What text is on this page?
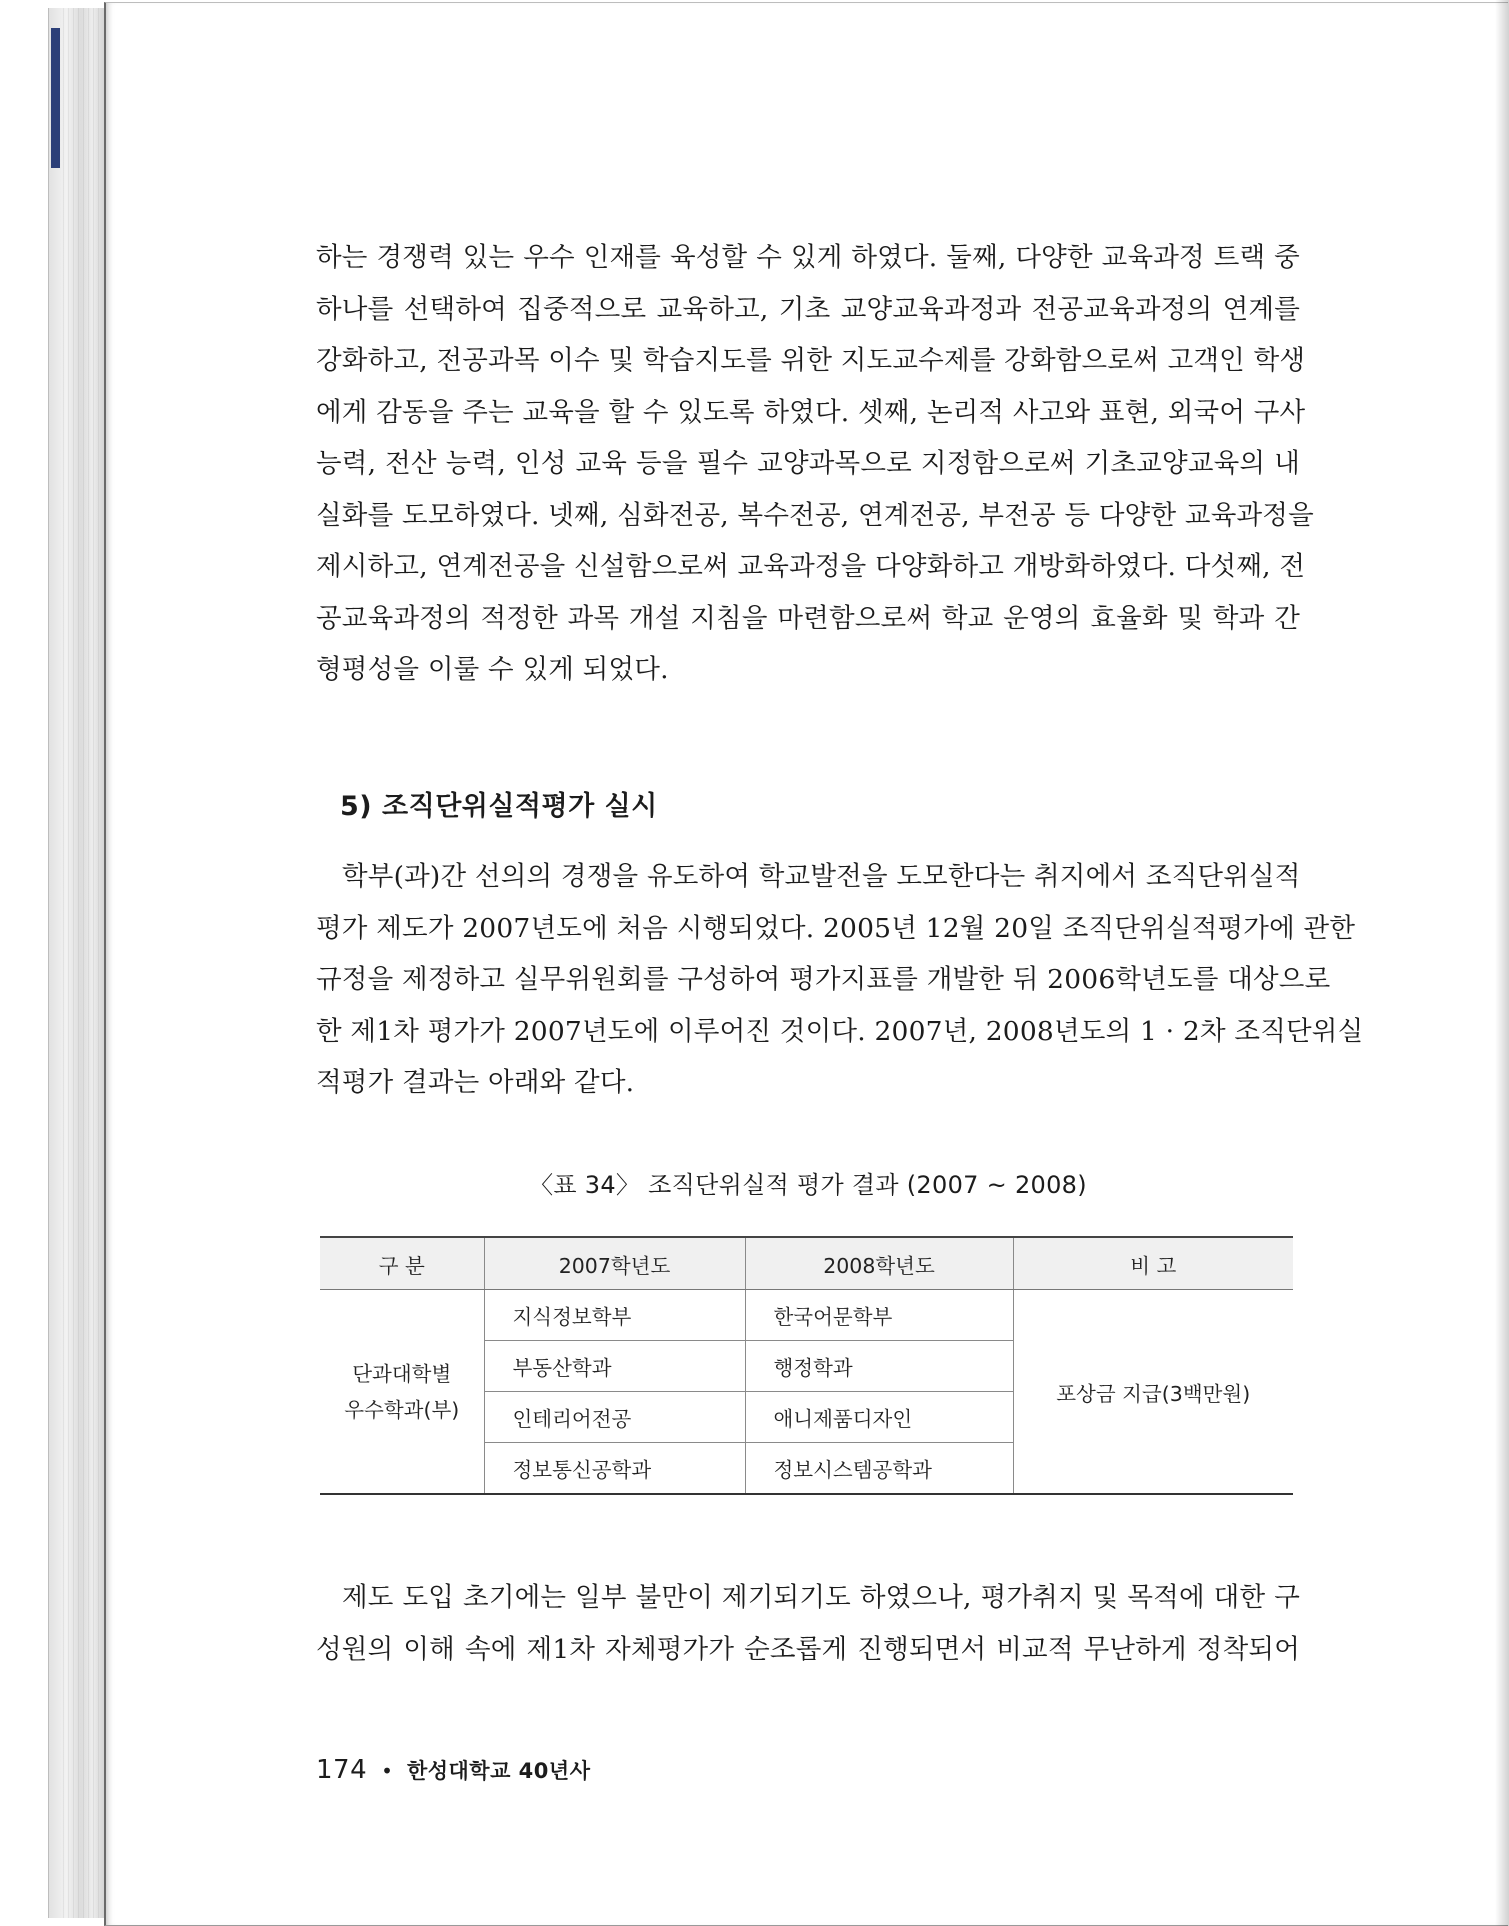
하는 경쟁력 있는 우수 인재를 육성할 수 있게 하였다. 둘째, 다양한 교육과정 트랙 중
하나를 선택하여 집중적으로 교육하고, 기초 교양교육과정과 전공교육과정의 연계를
강화하고, 전공과목 이수 및 학습지도를 위한 지도교수제를 강화함으로써 고객인 학생
에게 감동을 주는 교육을 할 수 있도록 하였다. 셋째, 논리적 사고와 표현, 외국어 구사
능력, 전산 능력, 인성 교육 등을 필수 교양과목으로 지정함으로써 기초교양교육의 내
실화를 도모하였다. 넷째, 심화전공, 복수전공, 연계전공, 부전공 등 다양한 교육과정을
제시하고, 연계전공을 신설함으로써 교육과정을 다양화하고 개방화하였다. 다섯째, 전
공교육과정의 적정한 과목 개설 지침을 마련함으로써 학교 운영의 효율화 및 학과 간
형평성을 이룰 수 있게 되었다.
5) 조직단위실적평가 실시
학부(과)간 선의의 경쟁을 유도하여 학교발전을 도모한다는 취지에서 조직단위실적
평가 제도가 2007년도에 처음 시행되었다. 2005년 12월 20일 조직단위실적평가에 관한
규정을 제정하고 실무위원회를 구성하여 평가지표를 개발한 뒤 2006학년도를 대상으로
한 제1차 평가가 2007년도에 이루어진 것이다. 2007년, 2008년도의 1 · 2차 조직단위실
적평가 결과는 아래와 같다.
〈표 34〉 조직단위실적 평가 결과 (2007 ~ 2008)
구 분	2007학년도	2008학년도	비 고
단과대학별
우수학과(부)	지식정보학부	한국어문학부	포상금 지급(3백만원)
	부동산학과	행정학과	
	인테리어전공	애니제품디자인	
	정보통신공학과	정보시스템공학과	
제도 도입 초기에는 일부 불만이 제기되기도 하였으나, 평가취지 및 목적에 대한 구
성원의 이해 속에 제1차 자체평가가 순조롭게 진행되면서 비교적 무난하게 정착되어
174 • 한성대학교 40년사
